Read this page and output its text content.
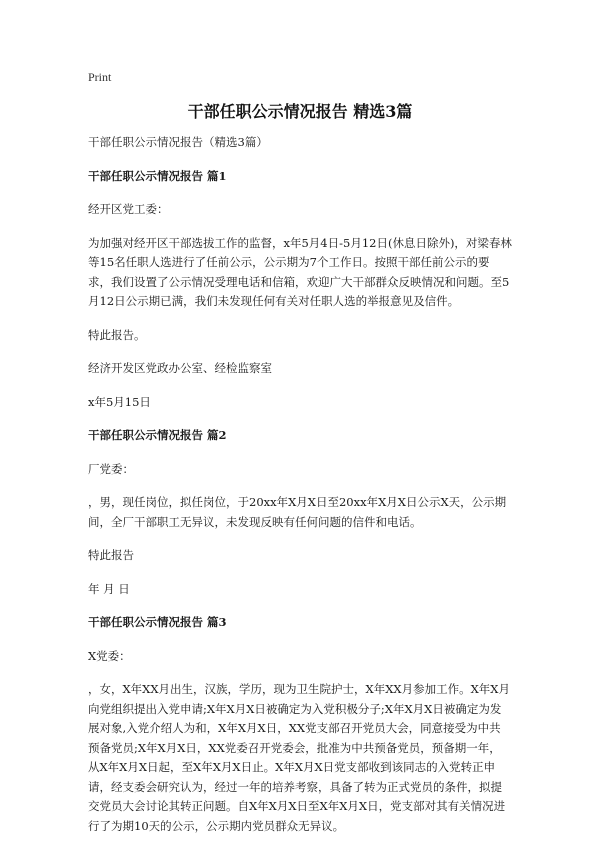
Print
干部任职公示情况报告 精选3篇

干部任职公示情况报告（精选3篇）

干部任职公示情况报告 篇1

经开区党工委：

为加强对经开区干部选拔工作的监督，x年5月4日-5月12日(休息日除外)，对梁春林等15名任职人选进行了任前公示，公示期为7个工作日。按照干部任前公示的要求，我们设置了公示情况受理电话和信箱，欢迎广大干部群众反映情况和问题。至5月12日公示期已满，我们未发现任何有关对任职人选的举报意见及信件。

特此报告。

经济开发区党政办公室、经检监察室

x年5月15日

干部任职公示情况报告 篇2

厂党委：

，男，现任岗位，拟任岗位，于20xx年X月X日至20xx年X月X日公示X天，公示期间，全厂干部职工无异议，未发现反映有任何问题的信件和电话。

特此报告

年 月 日

干部任职公示情况报告 篇3

X党委：

，女，X年XX月出生，汉族，学历，现为卫生院护士，X年XX月参加工作。X年X月向党组织提出入党申请;X年X月X日被确定为入党积极分子;X年X月X日被确定为发展对象,入党介绍人为和，X年X月X日，XX党支部召开党员大会，同意接受为中共预备党员;X年X月X日，XX党委召开党委会，批准为中共预备党员，预备期一年，从X年X月X日起，至X年X月X日止。X年X月X日党支部收到该同志的入党转正申请，经支委会研究认为，经过一年的培养考察，具备了转为正式党员的条件，拟提交党员大会讨论其转正问题。自X年X月X日至X年X月X日，党支部对其有关情况进行了为期10天的公示，公示期内党员群众无异议。
